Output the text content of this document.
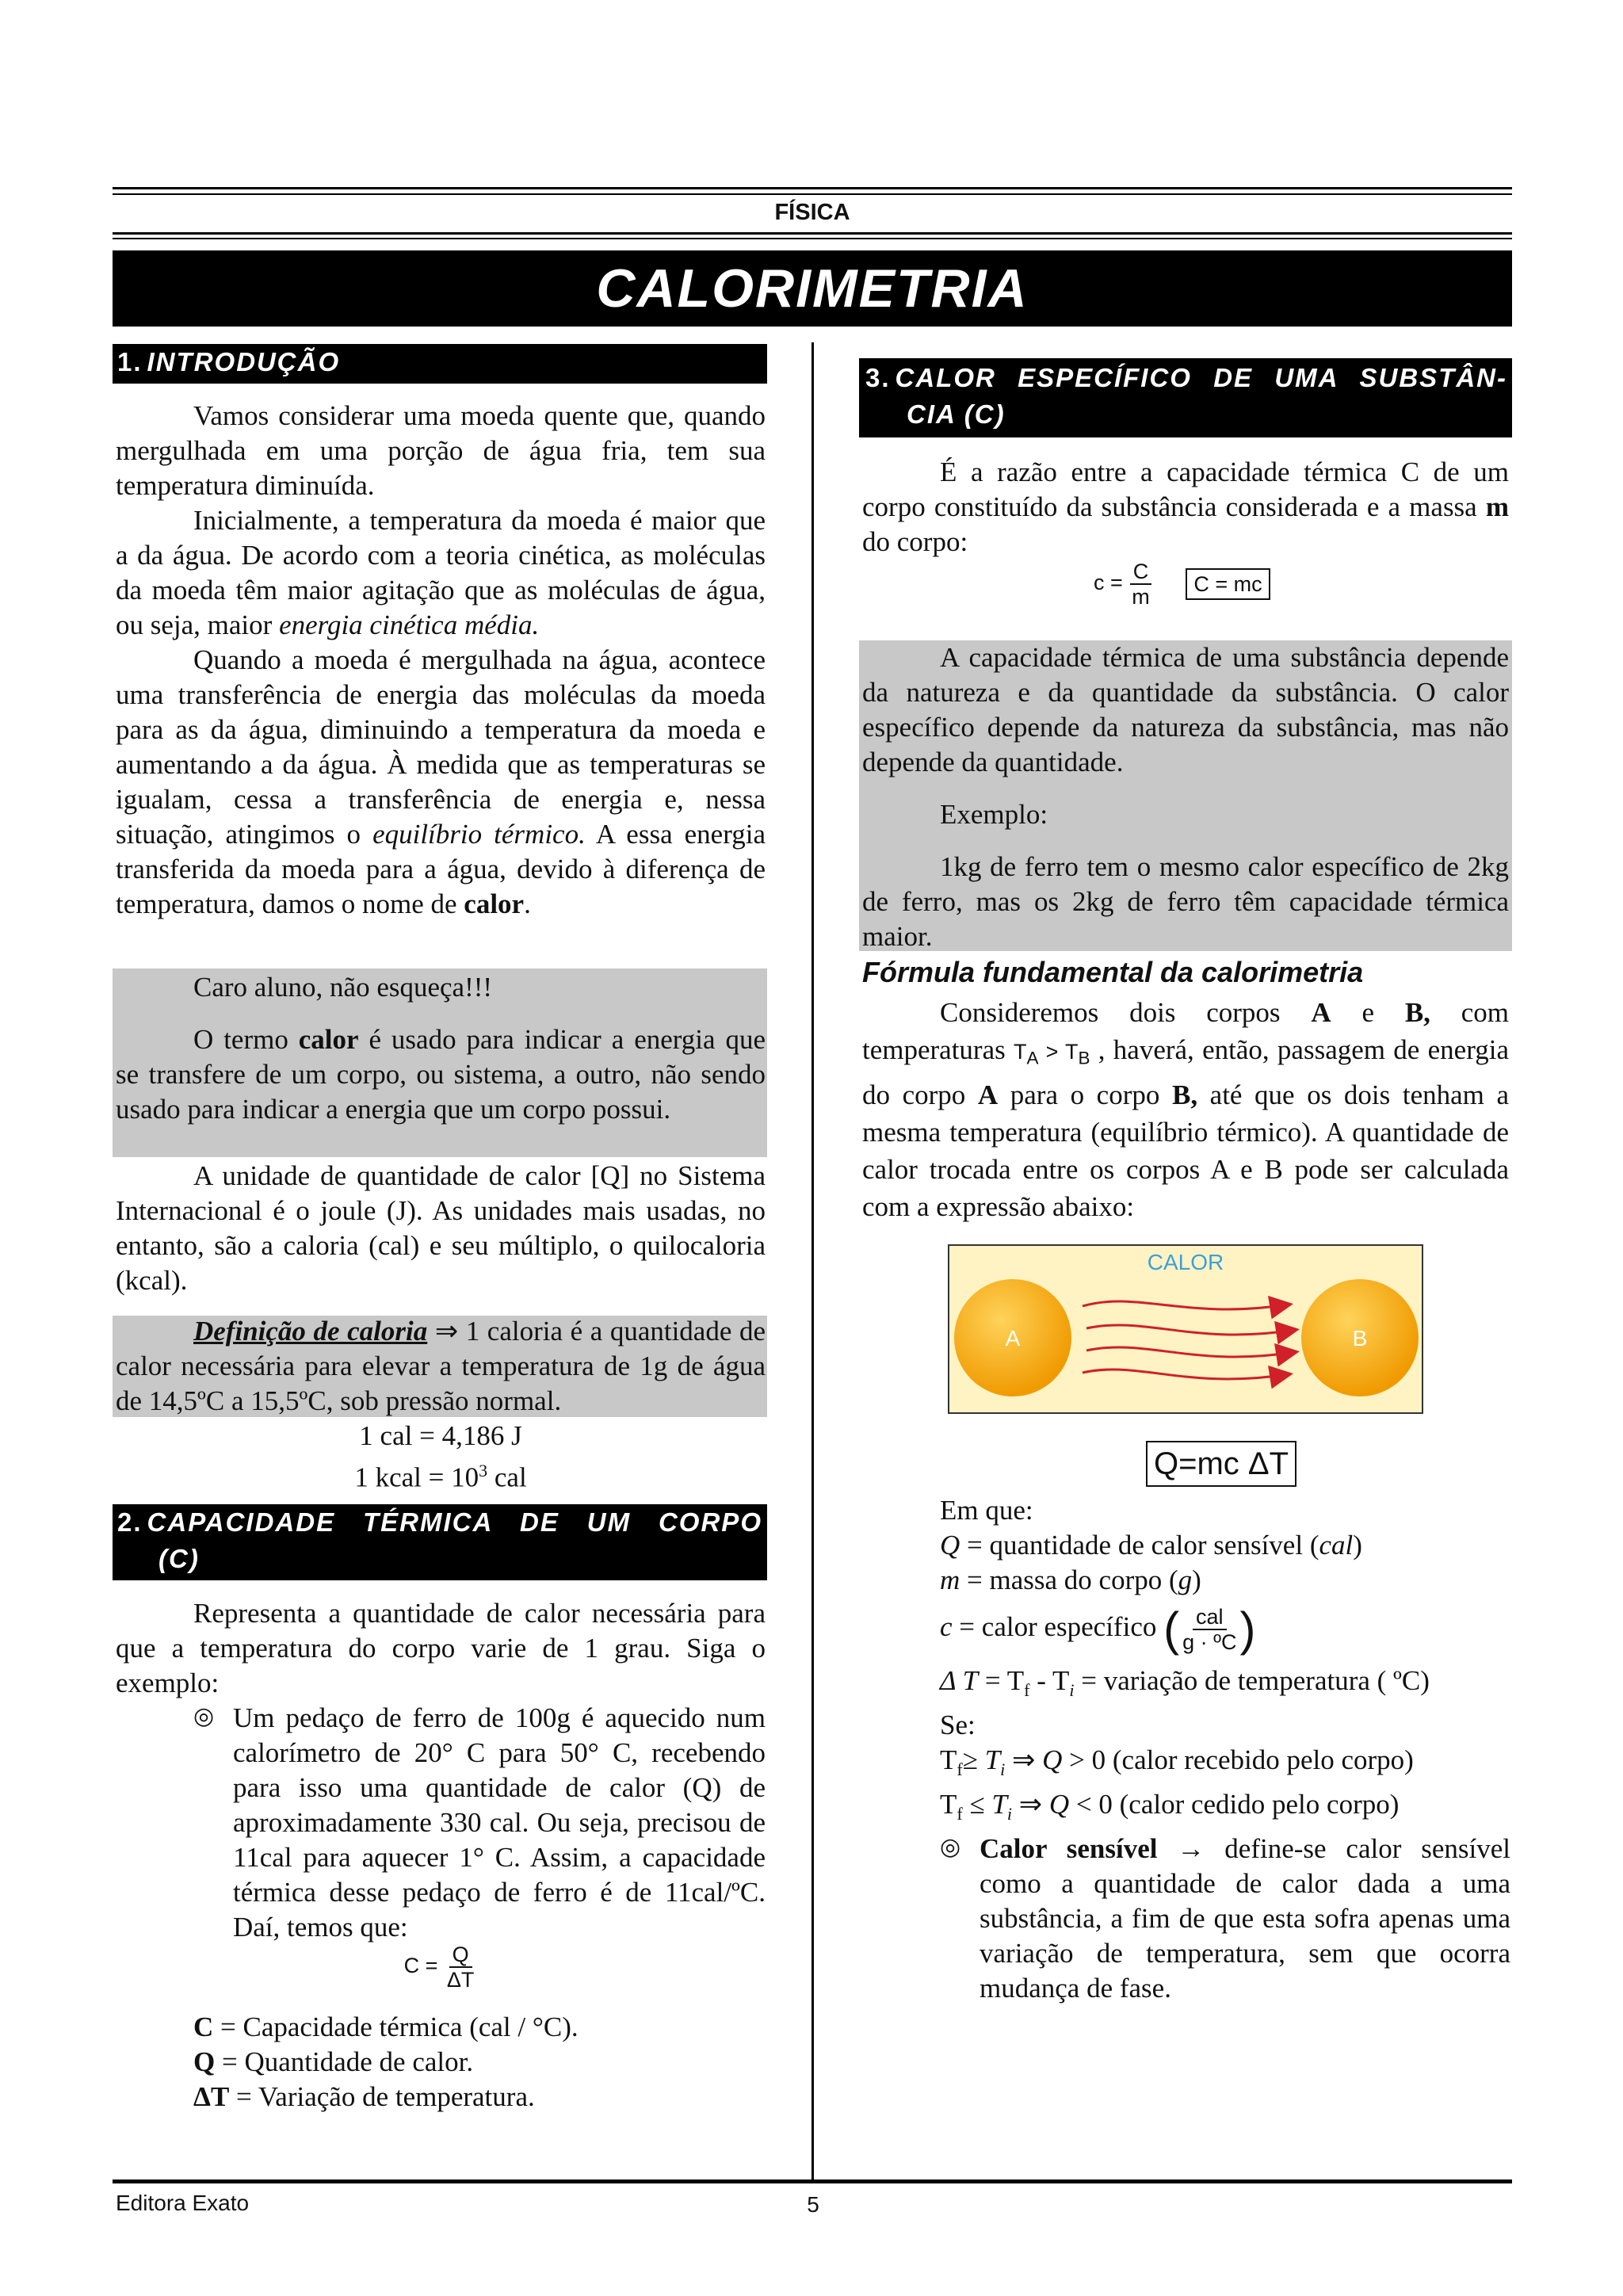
FÍSICA
CALORIMETRIA
1. INTRODUÇÃO

Vamos considerar uma moeda quente que, quando mergulhada em uma porção de água fria, tem sua temperatura diminuída.

Inicialmente, a temperatura da moeda é maior que a da água. De acordo com a teoria cinética, as moléculas da moeda têm maior agitação que as moléculas de água, ou seja, maior energia cinética média.

Quando a moeda é mergulhada na água, acontece uma transferência de energia das moléculas da moeda para as da água, diminuindo a temperatura da moeda e aumentando a da água. À medida que as temperaturas se igualam, cessa a transferência de energia e, nessa situação, atingimos o equilíbrio térmico. A essa energia transferida da moeda para a água, devido à diferença de temperatura, damos o nome de calor.

Caro aluno, não esqueça!!!

O termo calor é usado para indicar a energia que se transfere de um corpo, ou sistema, a outro, não sendo usado para indicar a energia que um corpo possui.

A unidade de quantidade de calor [Q] no Sistema Internacional é o joule (J). As unidades mais usadas, no entanto, são a caloria (cal) e seu múltiplo, o quilocaloria (kcal).

Definição de caloria ⇒ 1 caloria é a quantidade de calor necessária para elevar a temperatura de 1g de água de 14,5ºC a 15,5ºC, sob pressão normal.

1 cal = 4,186 J
1 kcal = $10^3$ cal
2. CAPACIDADE TÉRMICA DE UM CORPO
(C)

Representa a quantidade de calor necessária para que a temperatura do corpo varie de 1 grau. Siga o exemplo:

◎ Um pedaço de ferro de 100g é aquecido num calorímetro de 20° C para 50° C, recebendo para isso uma quantidade de calor (Q) de aproximadamente 330 cal. Ou seja, precisou de 11cal para aquecer 1° C. Assim, a capacidade térmica desse pedaço de ferro é de 11cal/ºC. Daí, temos que:

$C = \frac{Q}{\Delta T}$

C = Capacidade térmica (cal / °C).

Q = Quantidade de calor.

ΔT = Variação de temperatura.

3. CALOR ESPECÍFICO DE UMA SUBSTÂN-
CIA (C)

É a razão entre a capacidade térmica C de um corpo constituído da substância considerada e a massa m do corpo:

$c = \frac{C}{m}$ C = mc

A capacidade térmica de uma substância depende da natureza e da quantidade da substância. O calor específico depende da natureza da substância, mas não depende da quantidade.

Exemplo:

1kg de ferro tem o mesmo calor específico de 2kg de ferro, mas os 2kg de ferro têm capacidade térmica maior.

Fórmula fundamental da calorimetria

Consideremos dois corpos A e B, com temperaturas $T_A > T_B$ , haverá, então, passagem de energia do corpo A para o corpo B, até que os dois tenham a mesma temperatura (equilíbrio térmico). A quantidade de calor trocada entre os corpos A e B pode ser calculada com a expressão abaixo:

CALOR
A	B
Q=mc ΔT

Em que:

Q = quantidade de calor sensível (cal)

m = massa do corpo (g)

c = calor específico ( $\frac{\text{cal}}{\text{g · ºC}}$ )

Δ $T = T_f - T_i$ = variação de temperatura ( ºC)

Se:

$T_f\ge T_i$ ⇒ Q > 0 (calor recebido pelo corpo)

$T_f \le T_i$ ⇒ Q < 0 (calor cedido pelo corpo)

◎ Calor sensível → define-se calor sensível como a quantidade de calor dada a uma substância, a fim de que esta sofra apenas uma variação de temperatura, sem que ocorra mudança de fase.

Editora Exato	5
